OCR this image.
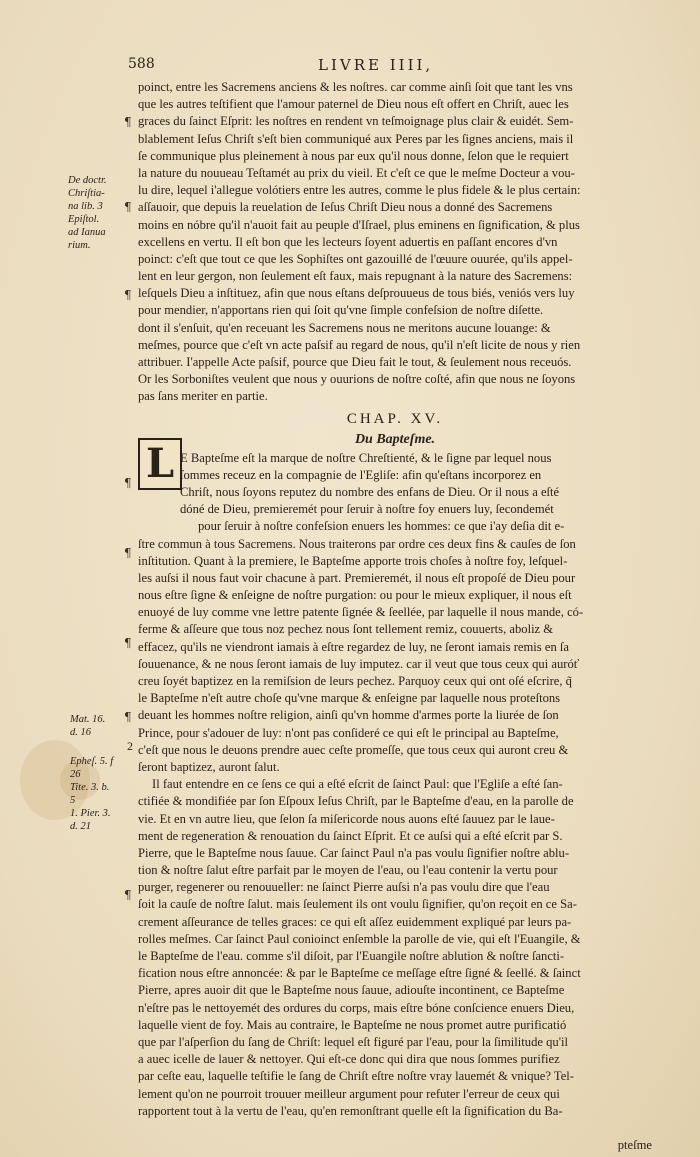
588	LIVRE IIII,
De doctr.
Chriſtia-
na lib. 3
Epiſtol.
ad Ianua
rium.
Mat. 16.
d. 16
Epheſ. 5. f
26
Tite. 3. b.
5
1. Pier. 3.
d. 21
2
¶
¶
¶
¶
¶
¶
¶
¶
L
poinct, entre les Sacremens anciens & les noſtres. car comme ainſi ſoit que tant les vns
que les autres teſtifient que l'amour paternel de Dieu nous eſt offert en Chriſt, auec les
graces du ſainct Eſprit: les noſtres en rendent vn teſmoignage plus clair & euidét. Sem-
blablement Ieſus Chriſt s'eſt bien communiqué aux Peres par les ſignes anciens, mais il
ſe communique plus pleinement à nous par eux qu'il nous donne, ſelon que le requiert
la nature du nouueau Teſtamét au prix du vieil. Et c'eſt ce que le meſme Docteur a vou-
lu dire, lequel i'allegue volótiers entre les autres, comme le plus fidele & le plus certain:
aſſauoir, que depuis la reuelation de Ieſus Chriſt Dieu nous a donné des Sacremens
moins en nóbre qu'il n'auoit fait au peuple d'Iſrael, plus eminens en ſignification, & plus
excellens en vertu. Il eſt bon que les lecteurs ſoyent aduertis en paſſant encores d'vn
poinct: c'eſt que tout ce que les Sophiſtes ont gazouillé de l'œuure ouurée, qu'ils appel-
lent en leur gergon, non ſeulement eſt faux, mais repugnant à la nature des Sacremens:
leſquels Dieu a inſtituez, afin que nous eſtans deſprouueus de tous biés, veniós vers luy
pour mendier, n'apportans rien qui ſoit qu'vne ſimple confeſsion de noſtre diſette.
dont il s'enſuit, qu'en receuant les Sacremens nous ne meritons aucune louange: &
meſmes, pource que c'eſt vn acte paſsif au regard de nous, qu'il n'eſt licite de nous y rien
attribuer. I'appelle Acte paſsif, pource que Dieu fait le tout, & ſeulement nous receuós.
Or les Sorboniſtes veulent que nous y ouurions de noſtre coſté, afin que nous ne ſoyons
pas ſans meriter en partie.
CHAP. XV.
Du Bapteſme.
E Bapteſme eſt la marque de noſtre Chreſtienté, & le ſigne par lequel nous
ſommes receuz en la compagnie de l'Egliſe: afin qu'eſtans incorporez en
Chriſt, nous ſoyons reputez du nombre des enfans de Dieu. Or il nous a eſté
dóné de Dieu, premieremét pour ſeruir à noſtre foy enuers luy, ſecondemét
pour ſeruir à noſtre confeſsion enuers les hommes: ce que i'ay deſia dit e-
ſtre commun à tous Sacremens. Nous traiterons par ordre ces deux fins & cauſes de ſon
inſtitution. Quant à la premiere, le Bapteſme apporte trois choſes à noſtre foy, leſquel-
les auſsi il nous faut voir chacune à part. Premieremét, il nous eſt propoſé de Dieu pour
nous eſtre ſigne & enſeigne de noſtre purgation: ou pour le mieux expliquer, il nous eſt
enuoyé de luy comme vne lettre patente ſignée & ſeellée, par laquelle il nous mande, có-
ferme & aſſeure que tous noz pechez nous ſont tellement remiz, couuerts, aboliz &
effacez, qu'ils ne viendront iamais à eſtre regardez de luy, ne ſeront iamais remis en ſa
ſouuenance, & ne nous ſeront iamais de luy imputez. car il veut que tous ceux qui auróť
creu ſoyét baptizez en la remiſsion de leurs pechez. Parquoy ceux qui ont oſé eſcrire, q̃
le Bapteſme n'eſt autre choſe qu'vne marque & enſeigne par laquelle nous proteſtons
deuant les hommes noſtre religion, ainſi qu'vn homme d'armes porte la liurée de ſon
Prince, pour s'adouer de luy: n'ont pas conſideré ce qui eſt le principal au Bapteſme,
c'eſt que nous le deuons prendre auec ceſte promeſſe, que tous ceux qui auront creu &
ſeront baptizez, auront ſalut.
Il faut entendre en ce ſens ce qui a eſté eſcrit de ſainct Paul: que l'Egliſe a eſté ſan-
ctifiée & mondifiée par ſon Eſpoux Ieſus Chriſt, par le Bapteſme d'eau, en la parolle de
vie. Et en vn autre lieu, que ſelon ſa miſericorde nous auons eſté ſauuez par le laue-
ment de regeneration & renouation du ſainct Eſprit. Et ce auſsi qui a eſté eſcrit par S.
Pierre, que le Bapteſme nous ſauue. Car ſainct Paul n'a pas voulu ſignifier noſtre ablu-
tion & noſtre ſalut eſtre parfait par le moyen de l'eau, ou l'eau contenir la vertu pour
purger, regenerer ou renouueller: ne ſainct Pierre auſsi n'a pas voulu dire que l'eau
ſoit la cauſe de noſtre ſalut. mais ſeulement ils ont voulu ſignifier, qu'on reçoit en ce Sa-
crement aſſeurance de telles graces: ce qui eſt aſſez euidemment expliqué par leurs pa-
rolles meſmes. Car ſainct Paul conioinct enſemble la parolle de vie, qui eſt l'Euangile, &
le Bapteſme de l'eau. comme s'il diſoit, par l'Euangile noſtre ablution & noſtre ſancti-
fication nous eſtre annoncée: & par le Bapteſme ce meſſage eſtre ſigné & ſeellé. & ſainct
Pierre, apres auoir dit que le Bapteſme nous ſauue, adiouſte incontinent, ce Bapteſme
n'eſtre pas le nettoyemét des ordures du corps, mais eſtre bóne conſcience enuers Dieu,
laquelle vient de foy. Mais au contraire, le Bapteſme ne nous promet autre purificatió
que par l'aſperſion du ſang de Chriſt: lequel eſt figuré par l'eau, pour la ſimilitude qu'il
a auec icelle de lauer & nettoyer. Qui eſt-ce donc qui dira que nous ſommes purifiez
par ceſte eau, laquelle teſtifie le ſang de Chriſt eſtre noſtre vray lauemét & vnique? Tel-
lement qu'on ne pourroit trouuer meilleur argument pour refuter l'erreur de ceux qui
rapportent tout à la vertu de l'eau, qu'en remonſtrant quelle eſt la ſignification du Ba-
pteſme
